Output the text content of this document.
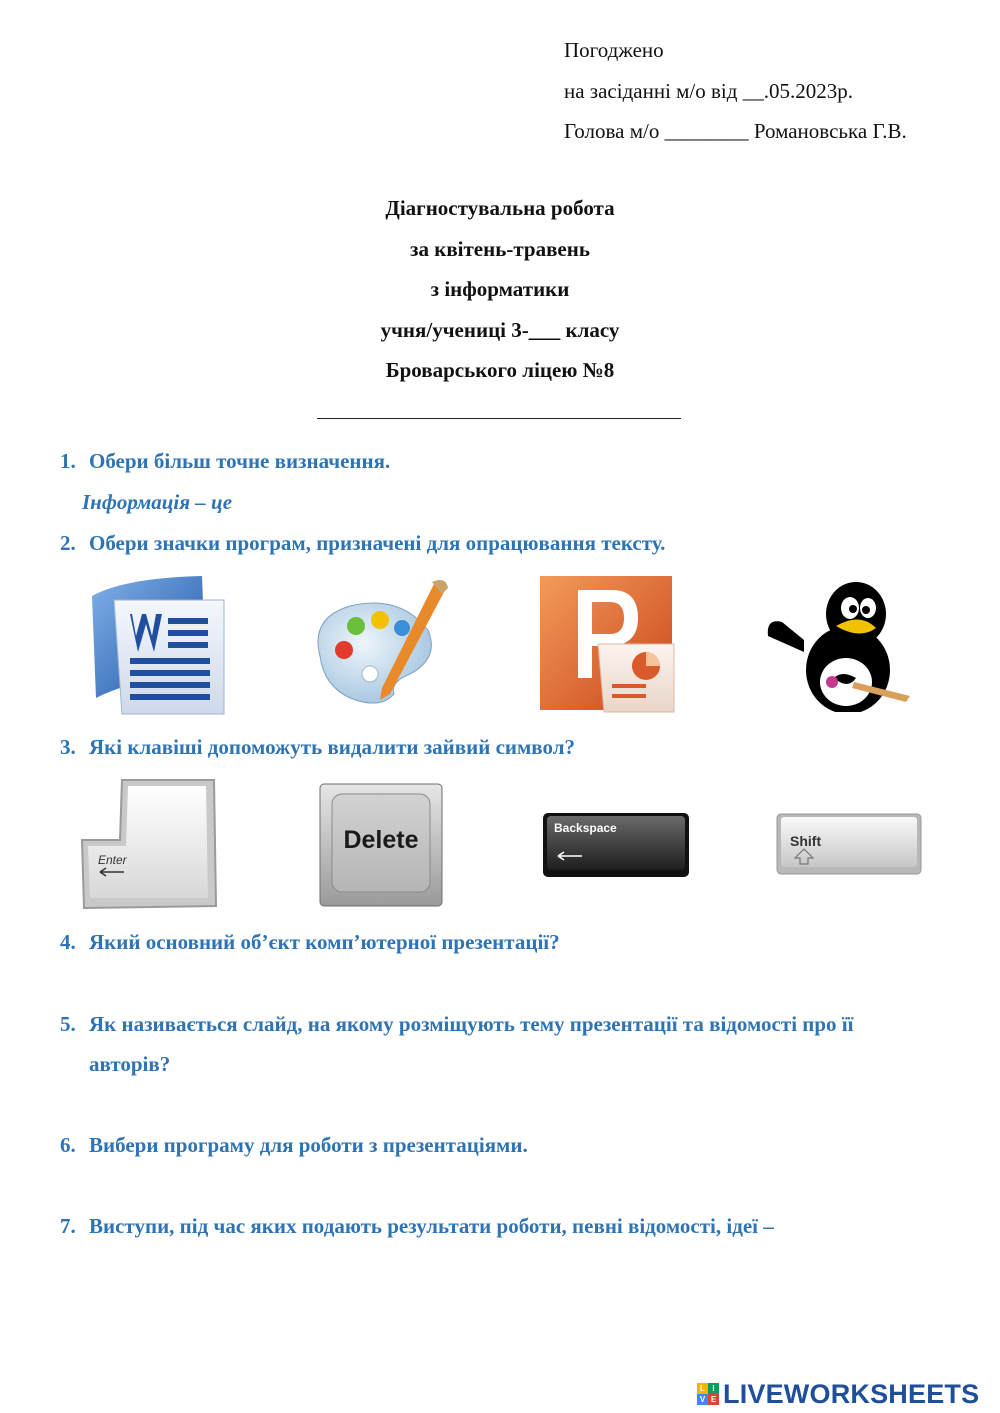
Погоджено
на засіданні м/о від __.05.2023р.
Голова м/о ________ Романовська Г.В.
Діагностувальна робота
за квітень-травень
з інформатики
учня/учениці 3-___ класу
Броварського ліцею №8
1. Обери більш точне визначення.
Інформація – це
2. Обери значки програм, призначені для опрацювання тексту.
3. Які клавіші допоможуть видалити зайвий символ?
Enter
Delete	Backspace
Shift
4. Який основний об’єкт комп’ютерної презентації?
5. Як називається слайд, на якому розміщують тему презентації та відомості про її
авторів?
6. Вибери програму для роботи з презентаціями.
7. Виступи, під час яких подають результати роботи, певні відомості, ідеї –
L I
V E LIVEWORKSHEETS
